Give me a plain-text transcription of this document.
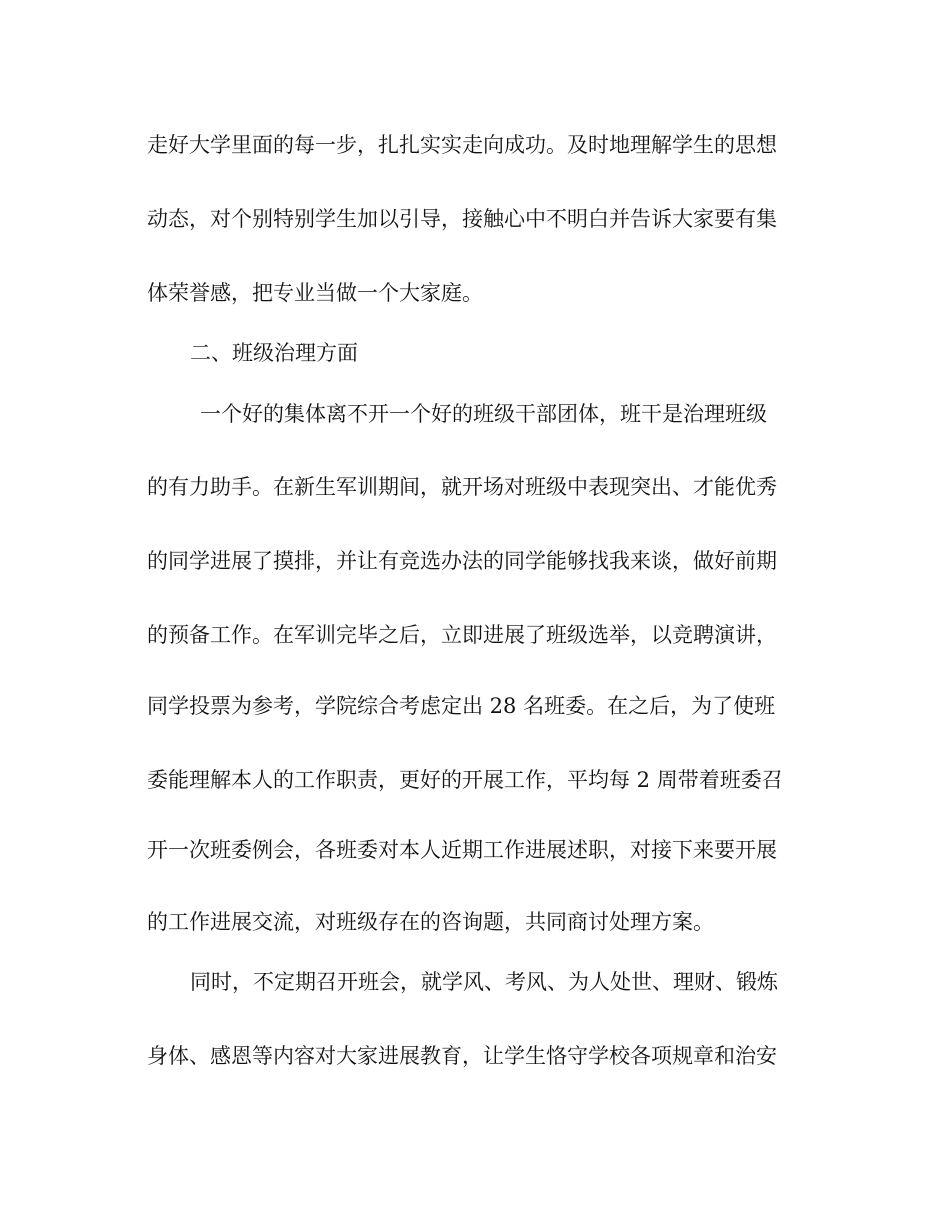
走好大学里面的每一步，扎扎实实走向成功。及时地理解学生的思想
动态，对个别特别学生加以引导，接触心中不明白并告诉大家要有集
体荣誉感，把专业当做一个大家庭。
二、班级治理方面
一个好的集体离不开一个好的班级干部团体，班干是治理班级
的有力助手。在新生军训期间，就开场对班级中表现突出、才能优秀
的同学进展了摸排，并让有竞选办法的同学能够找我来谈，做好前期
的预备工作。在军训完毕之后，立即进展了班级选举，以竞聘演讲，
同学投票为参考，学院综合考虑定出 28 名班委。在之后，为了使班
委能理解本人的工作职责，更好的开展工作，平均每 2 周带着班委召
开一次班委例会，各班委对本人近期工作进展述职，对接下来要开展
的工作进展交流，对班级存在的咨询题，共同商讨处理方案。
同时，不定期召开班会，就学风、考风、为人处世、理财、锻炼
身体、感恩等内容对大家进展教育，让学生恪守学校各项规章和治安
